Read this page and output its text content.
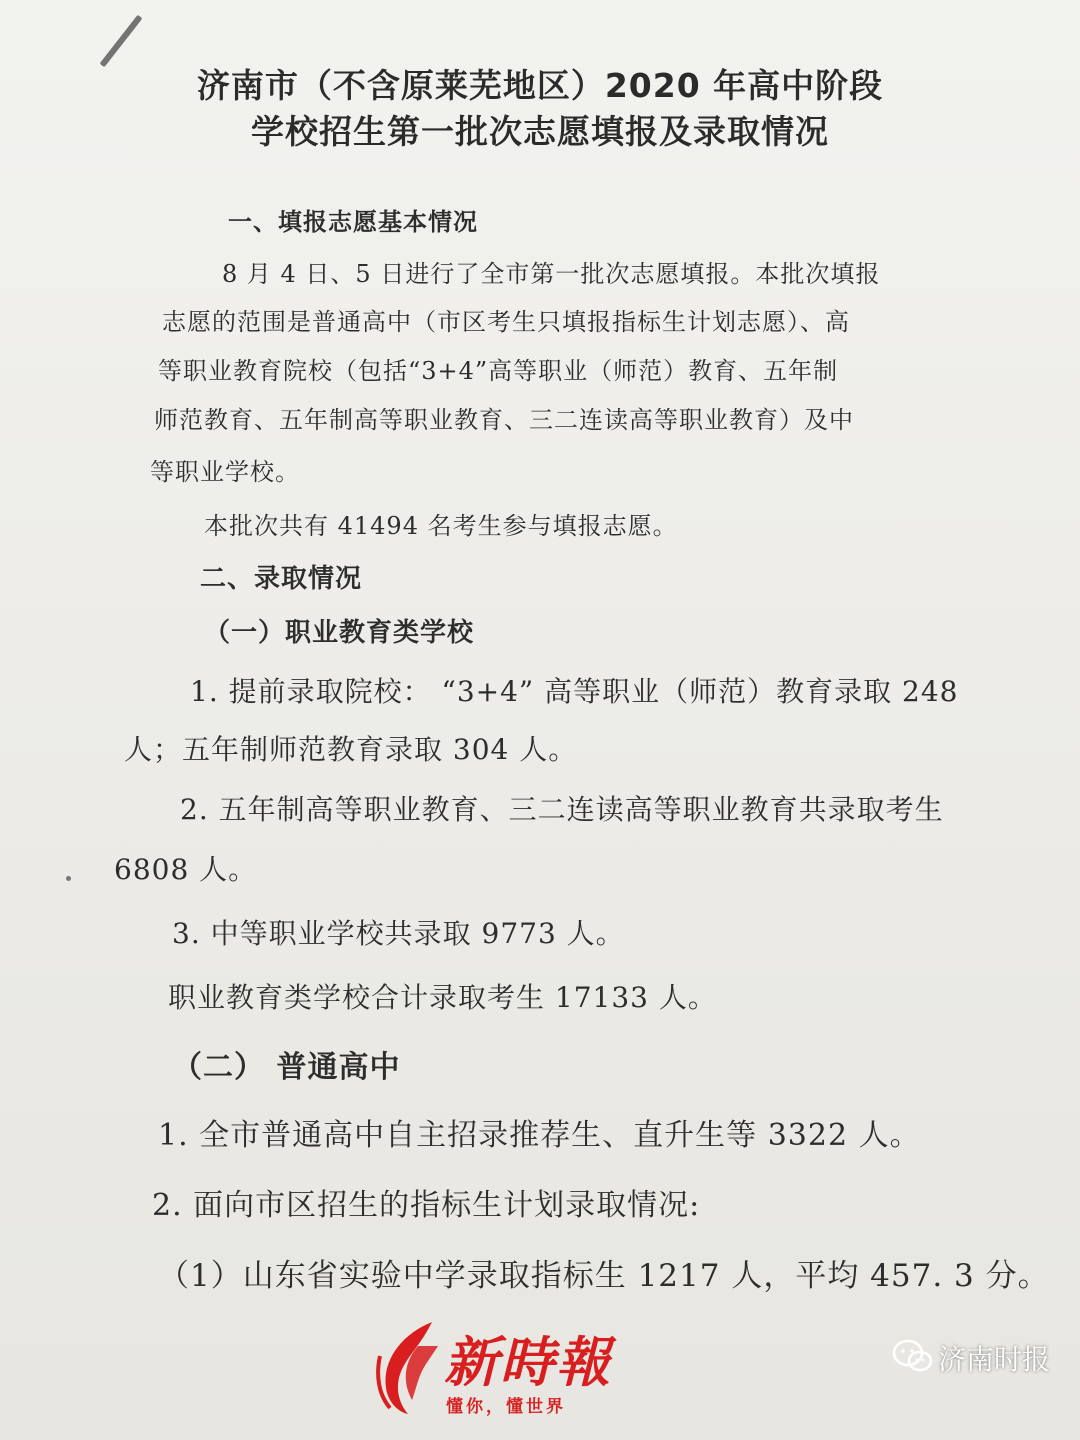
济南市（不含原莱芜地区）2020 年高中阶段
学校招生第一批次志愿填报及录取情况
一、填报志愿基本情况
8 月 4 日、5 日进行了全市第一批次志愿填报。本批次填报
志愿的范围是普通高中（市区考生只填报指标生计划志愿）、高
等职业教育院校（包括“3+4”高等职业（师范）教育、五年制
师范教育、五年制高等职业教育、三二连读高等职业教育）及中
等职业学校。
本批次共有 41494 名考生参与填报志愿。
二、录取情况
（一）职业教育类学校
1. 提前录取院校： “3+4” 高等职业（师范）教育录取 248
人；五年制师范教育录取 304 人。
2. 五年制高等职业教育、三二连读高等职业教育共录取考生
6808 人。
3. 中等职业学校共录取 9773 人。
职业教育类学校合计录取考生 17133 人。
（二） 普通高中
1. 全市普通高中自主招录推荐生、直升生等 3322 人。
2. 面向市区招生的指标生计划录取情况:
（1）山东省实验中学录取指标生 1217 人，平均 457. 3 分。
新時報
懂你，懂世界
济南时报
